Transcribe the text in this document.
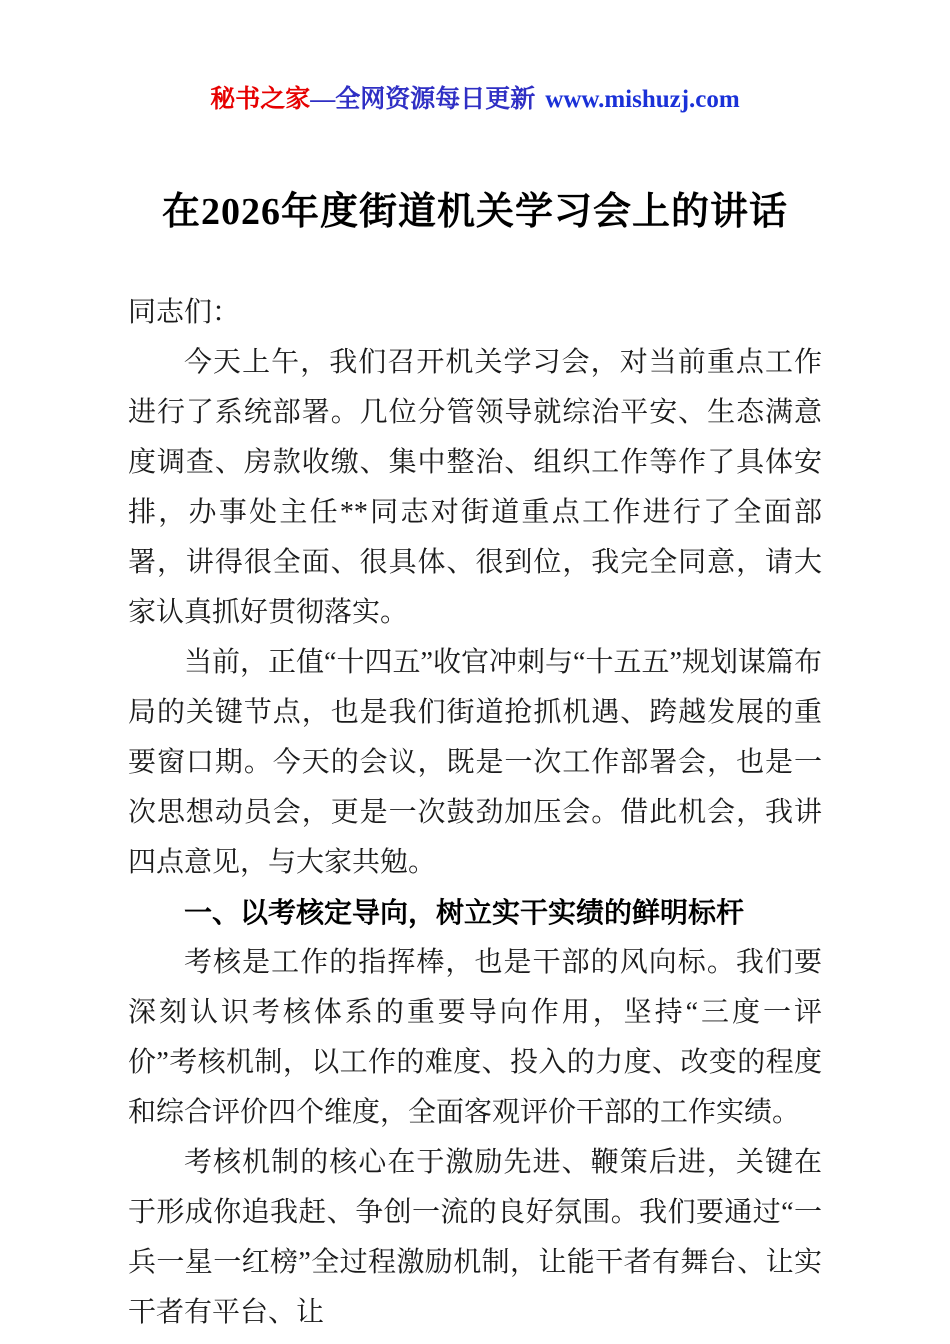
秘书之家—全网资源每日更新 www.mishuzj.com
在2026年度街道机关学习会上的讲话

同志们：

今天上午，我们召开机关学习会，对当前重点工作进行了系统部署。几位分管领导就综治平安、生态满意度调查、房款收缴、集中整治、组织工作等作了具体安排，办事处主任**同志对街道重点工作进行了全面部署，讲得很全面、很具体、很到位，我完全同意，请大家认真抓好贯彻落实。

当前，正值“十四五”收官冲刺与“十五五”规划谋篇布局的关键节点，也是我们街道抢抓机遇、跨越发展的重要窗口期。今天的会议，既是一次工作部署会，也是一次思想动员会，更是一次鼓劲加压会。借此机会，我讲四点意见，与大家共勉。

一、以考核定导向，树立实干实绩的鲜明标杆

考核是工作的指挥棒，也是干部的风向标。我们要深刻认识考核体系的重要导向作用，坚持“三度一评价”考核机制，以工作的难度、投入的力度、改变的程度和综合评价四个维度，全面客观评价干部的工作实绩。

考核机制的核心在于激励先进、鞭策后进，关键在于形成你追我赶、争创一流的良好氛围。我们要通过“一兵一星一红榜”全过程激励机制，让能干者有舞台、让实干者有平台、让
